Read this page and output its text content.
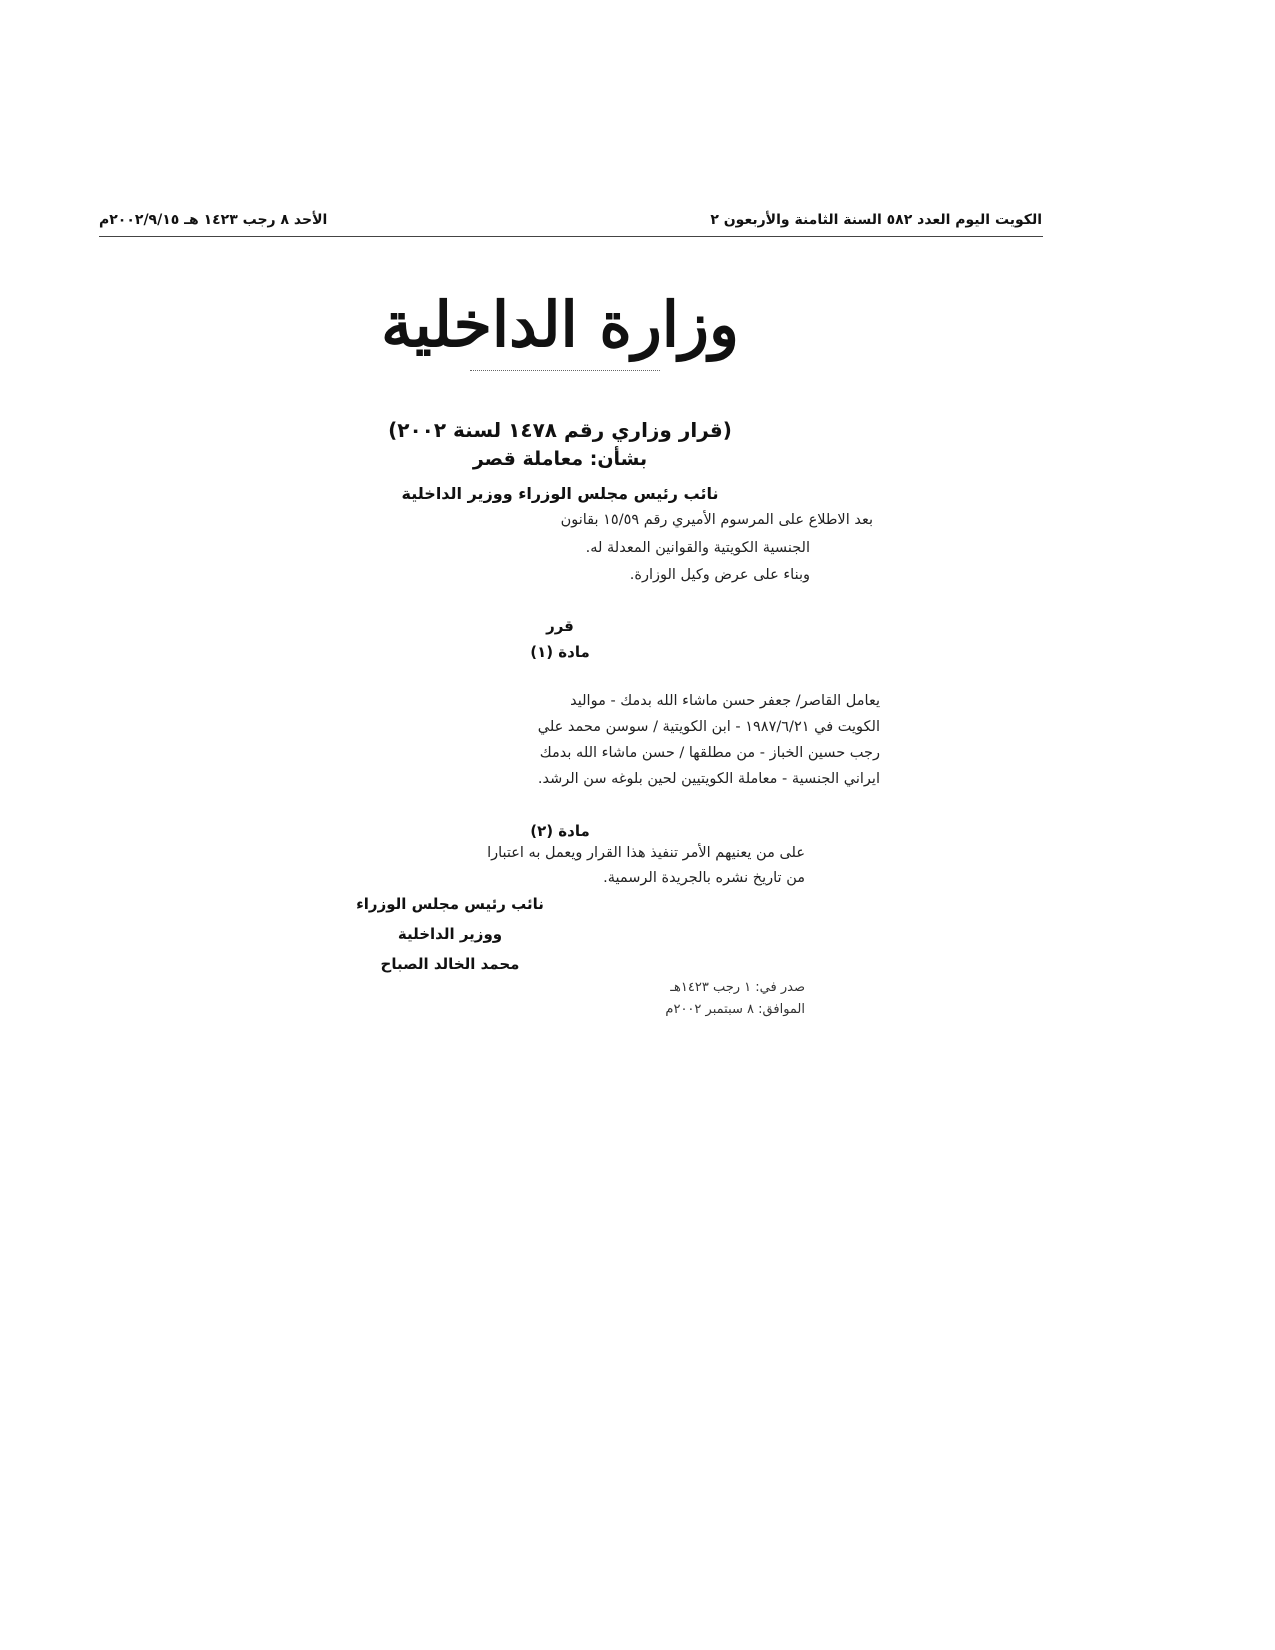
الكويت اليوم العدد ٥٨٢ السنة الثامنة والأربعون ٢
الأحد ٨ رجب ١٤٢٣ هـ ٢٠٠٢/٩/١٥م
وزارة الداخلية
(قرار وزاري رقم ١٤٧٨ لسنة ٢٠٠٢)
بشأن: معاملة قصر
نائب رئيس مجلس الوزراء ووزير الداخلية
بعد الاطلاع على المرسوم الأميري رقم ١٥/٥٩ بقانون
الجنسية الكويتية والقوانين المعدلة له.
وبناء على عرض وكيل الوزارة.
قرر
مادة (١)
يعامل القاصر/ جعفر حسن ماشاء الله بدمك - مواليد
الكويت في ١٩٨٧/٦/٢١ - ابن الكويتية / سوسن محمد علي
رجب حسين الخباز - من مطلقها / حسن ماشاء الله بدمك
ايراني الجنسية - معاملة الكويتيين لحين بلوغه سن الرشد.
مادة (٢)
على من يعنيهم الأمر تنفيذ هذا القرار ويعمل به اعتبارا
من تاريخ نشره بالجريدة الرسمية.
نائب رئيس مجلس الوزراء
ووزير الداخلية
محمد الخالد الصباح
صدر في: ١ رجب ١٤٢٣هـ
الموافق: ٨ سبتمبر ٢٠٠٢م
